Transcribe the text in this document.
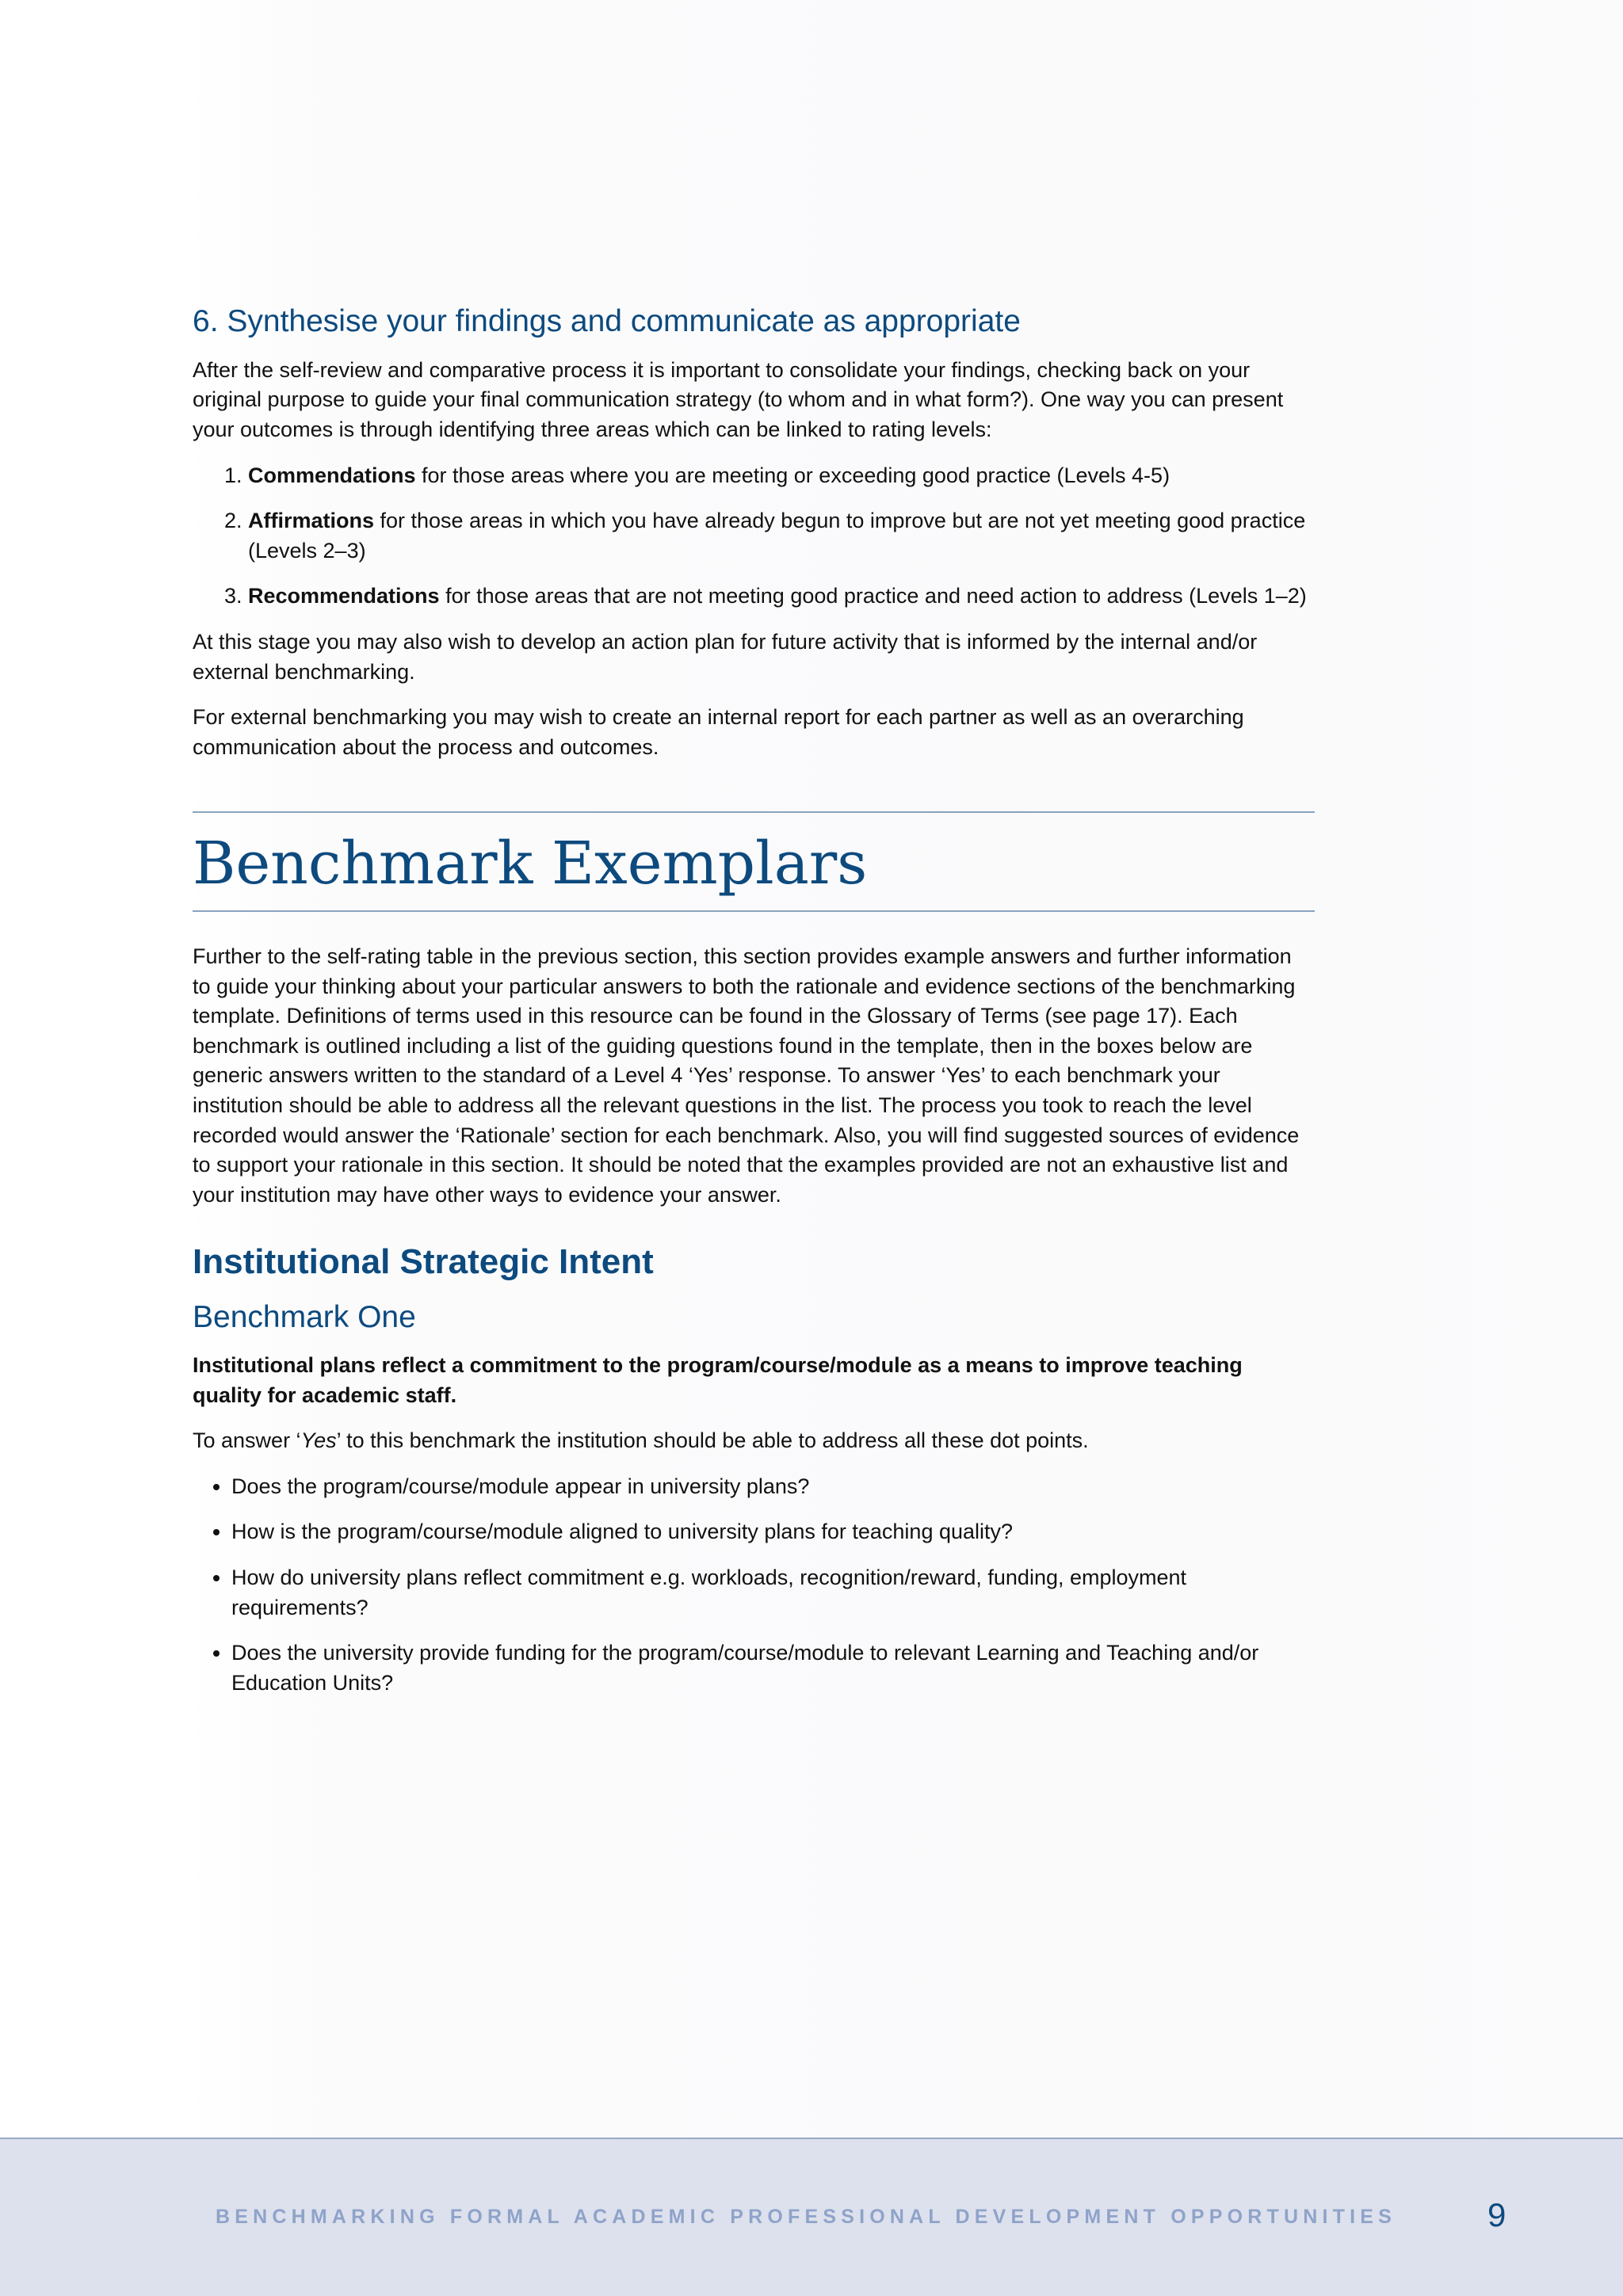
6. Synthesise your findings and communicate as appropriate

After the self-review and comparative process it is important to consolidate your findings, checking back on your original purpose to guide your final communication strategy (to whom and in what form?). One way you can present your outcomes is through identifying three areas which can be linked to rating levels:

1. Commendations for those areas where you are meeting or exceeding good practice (Levels 4-5)
2. Affirmations for those areas in which you have already begun to improve but are not yet meeting good practice (Levels 2–3)
3. Recommendations for those areas that are not meeting good practice and need action to address (Levels 1–2)

At this stage you may also wish to develop an action plan for future activity that is informed by the internal and/or external benchmarking.

For external benchmarking you may wish to create an internal report for each partner as well as an overarching communication about the process and outcomes.

Benchmark Exemplars

Further to the self-rating table in the previous section, this section provides example answers and further information to guide your thinking about your particular answers to both the rationale and evidence sections of the benchmarking template. Definitions of terms used in this resource can be found in the Glossary of Terms (see page 17). Each benchmark is outlined including a list of the guiding questions found in the template, then in the boxes below are generic answers written to the standard of a Level 4 ‘Yes’ response. To answer ‘Yes’ to each benchmark your institution should be able to address all the relevant questions in the list. The process you took to reach the level recorded would answer the ‘Rationale’ section for each benchmark. Also, you will find suggested sources of evidence to support your rationale in this section. It should be noted that the examples provided are not an exhaustive list and your institution may have other ways to evidence your answer.

Institutional Strategic Intent
Benchmark One

Institutional plans reflect a commitment to the program/course/module as a means to improve teaching quality for academic staff.

To answer ‘Yes’ to this benchmark the institution should be able to address all these dot points.

• Does the program/course/module appear in university plans?
• How is the program/course/module aligned to university plans for teaching quality?
• How do university plans reflect commitment e.g. workloads, recognition/reward, funding, employment requirements?
• Does the university provide funding for the program/course/module to relevant Learning and Teaching and/or Education Units?
BENCHMARKING FORMAL ACADEMIC PROFESSIONAL DEVELOPMENT OPPORTUNITIES	9
